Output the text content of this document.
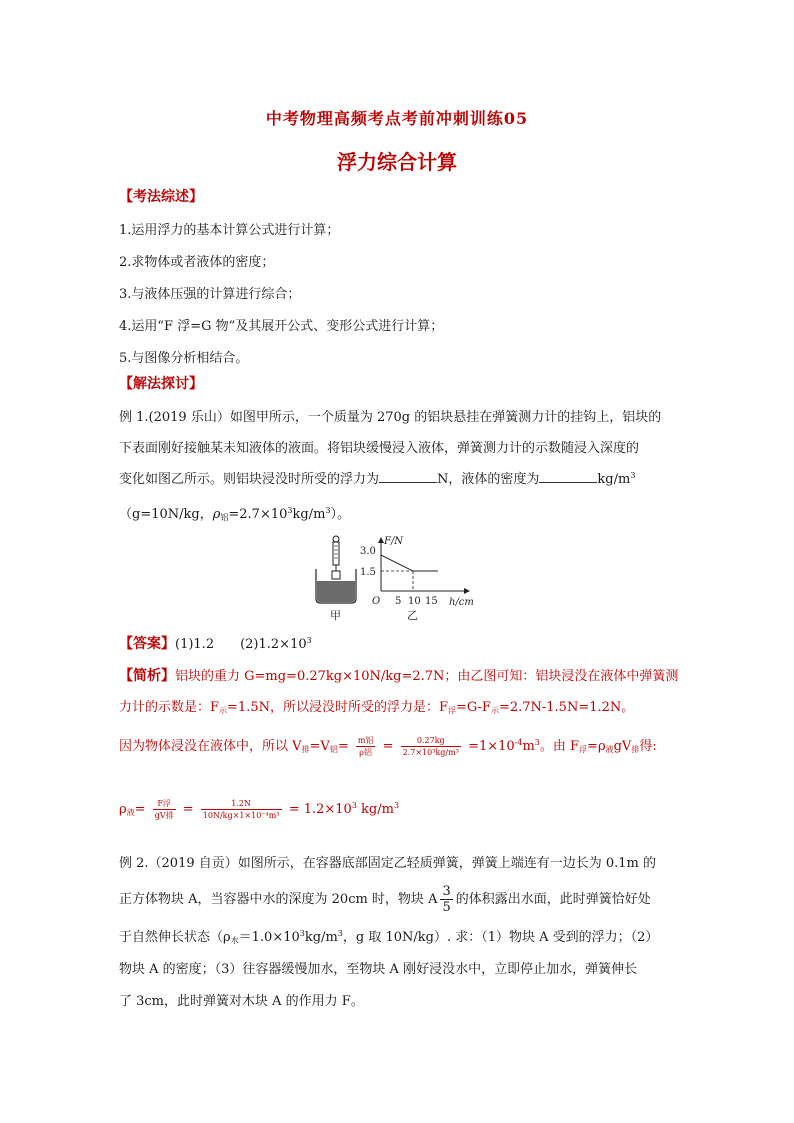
中考物理高频考点考前冲刺训练05
浮力综合计算
【考法综述】
1.运用浮力的基本计算公式进行计算；
2.求物体或者液体的密度；
3.与液体压强的计算进行综合；
4.运用“F 浮=G 物”及其展开公式、变形公式进行计算；
5.与图像分析相结合。
【解法探讨】
例 1.(2019 乐山）如图甲所示，一个质量为 270g 的铝块悬挂在弹簧测力计的挂钩上，铝块的
下表面刚好接触某未知液体的液面。将铝块缓慢浸入液体，弹簧测力计的示数随浸入深度的
变化如图乙所示。则铝块浸没时所受的浮力为	N，液体的密度为	$kg/m^3$
（g=10N/kg，$\rho_铝=2.7\times 10^3kg/m^3$）。
甲
3.0
1.5
F/N
h/cm
O 5 10 15
乙
【答案】(1)1.2　　$(2)1.2\times 10^3$
【简析】铝块的重力 G=mg=0.27kg×10N/kg=2.7N；由乙图可知：铝块浸没在液体中弹簧测
力计的示数是：$F_示=1.5N$，所以浸没时所受的浮力是：$F_浮=G-F_示=2.7N-1.5N=1.2N$。
因为物体浸没在液体中，所以 $V_排=V_铝= \frac{\text{m铝}}{\text{ρ铝}} = \frac{0.27kg}{\text{2.7×10³kg/m³}} =1\times 10^{-4}m^3$。由 $F_浮=\rho_液gV_排$得:
$\rho_液= \frac{\text{F浮}}{\text{gV排}} = \frac{1.2N}{\text{10N/kg×1×10⁻⁴m³}} = 1.2\times 10^3$ $kg/m^3$
例 2.（2019 自贡）如图所示，在容器底部固定乙轻质弹簧，弹簧上端连有一边长为 0.1m 的
正方体物块 A，当容器中水的深度为 20cm 时，物块 A $\frac{3}{5}$ 的体积露出水面，此时弹簧恰好处
于自然伸长状态（$\rho_水=1.0\times 10^3kg/m^3$，g 取 10N/kg）. 求：（1）物块 A 受到的浮力；（2）
物块 A 的密度；（3）往容器缓慢加水，至物块 A 刚好浸没水中，立即停止加水，弹簧伸长
了 3cm，此时弹簧对木块 A 的作用力 F。
